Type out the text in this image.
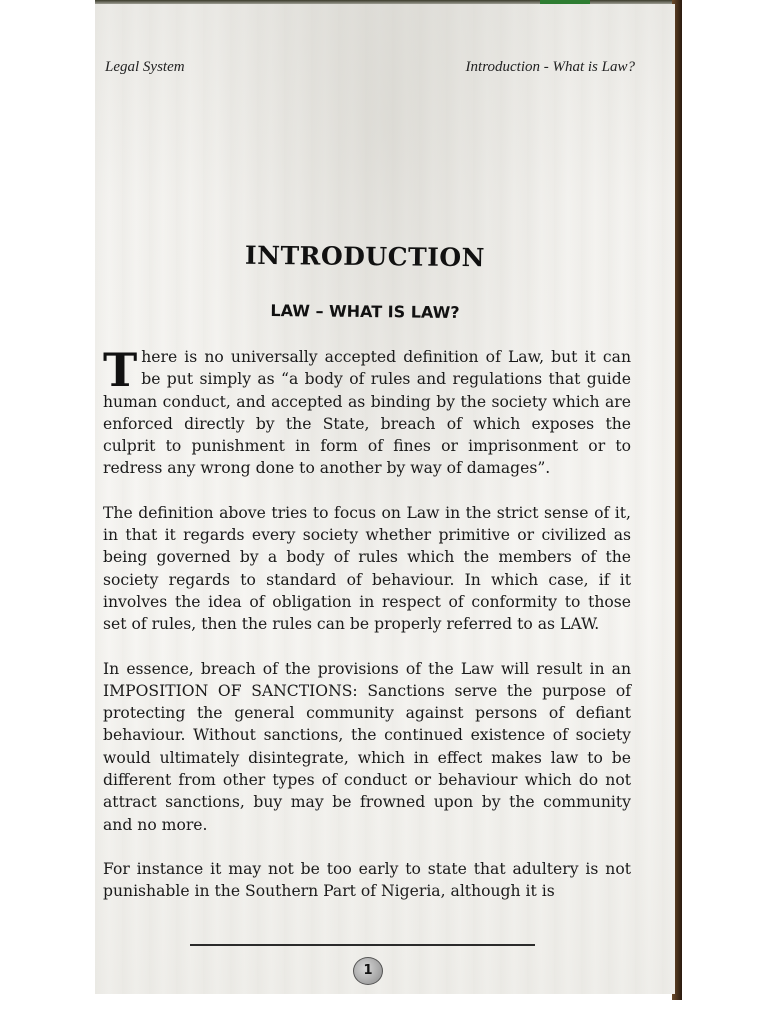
Legal System	Introduction - What is Law?
INTRODUCTION
LAW – WHAT IS LAW?

There is no universally accepted definition of Law, but it can be put simply as “a body of rules and regulations that guide human conduct, and accepted as binding by the society which are enforced directly by the State, breach of which exposes the culprit to punishment in form of fines or imprisonment or to redress any wrong done to another by way of damages”.

The definition above tries to focus on Law in the strict sense of it, in that it regards every society whether primitive or civilized as being governed by a body of rules which the members of the society regards to standard of behaviour. In which case, if it involves the idea of obligation in respect of conformity to those set of rules, then the rules can be properly referred to as LAW.

In essence, breach of the provisions of the Law will result in an IMPOSITION OF SANCTIONS: Sanctions serve the purpose of protecting the general community against persons of defiant behaviour. Without sanctions, the continued existence of society would ultimately disintegrate, which in effect makes law to be different from other types of conduct or behaviour which do not attract sanctions, buy may be frowned upon by the community and no more.

For instance it may not be too early to state that adultery is not punishable in the Southern Part of Nigeria, although it is

1
